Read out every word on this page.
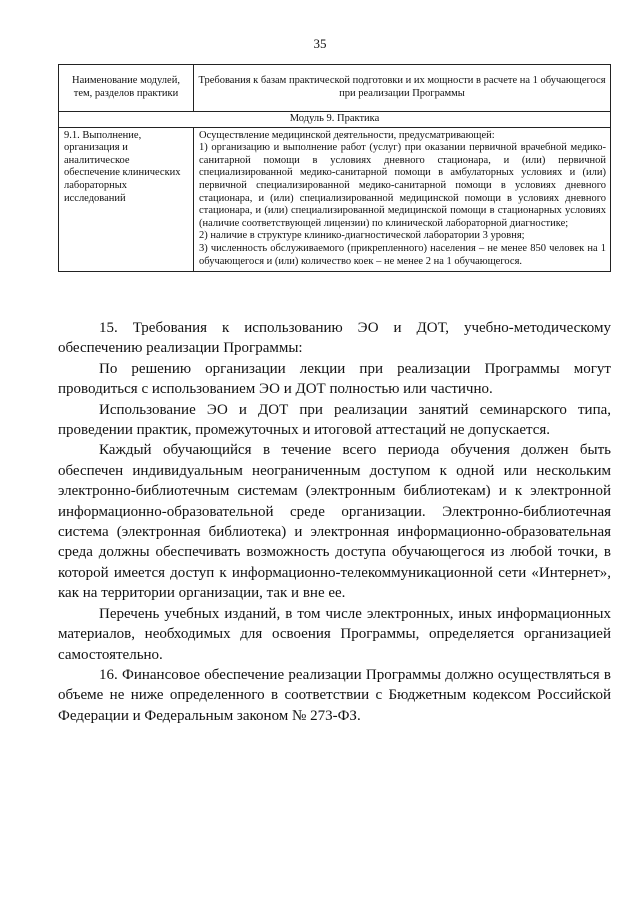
35
Наименование модулей, тем, разделов практики	Требования к базам практической подготовки и их мощности в расчете на 1 обучающегося при реализации Программы
Модуль 9. Практика	
9.1. Выполнение, организация и аналитическое обеспечение клинических лабораторных исследований	Осуществление медицинской деятельности, предусматривающей:

1) организацию и выполнение работ (услуг) при оказании первичной врачебной медико-санитарной помощи в условиях дневного стационара, и (или) первичной специализированной медико-санитарной помощи в амбулаторных условиях и (или) первичной специализированной медико-санитарной помощи в условиях дневного стационара, и (или) специализированной медицинской помощи в условиях дневного стационара, и (или) специализированной медицинской помощи в стационарных условиях (наличие соответствующей лицензии) по клинической лабораторной диагностике;

2) наличие в структуре клинико-диагностической лаборатории 3 уровня;

3) численность обслуживаемого (прикрепленного) населения – не менее 850 человек на 1 обучающегося и (или) количество коек – не менее 2 на 1 обучающегося.

15. Требования к использованию ЭО и ДОТ, учебно-методическому обеспечению реализации Программы:

По решению организации лекции при реализации Программы могут проводиться с использованием ЭО и ДОТ полностью или частично.

Использование ЭО и ДОТ при реализации занятий семинарского типа, проведении практик, промежуточных и итоговой аттестаций не допускается.

Каждый обучающийся в течение всего периода обучения должен быть обеспечен индивидуальным неограниченным доступом к одной или нескольким электронно-библиотечным системам (электронным библиотекам) и к электронной информационно-образовательной среде организации. Электронно-библиотечная система (электронная библиотека) и электронная информационно-образовательная среда должны обеспечивать возможность доступа обучающегося из любой точки, в которой имеется доступ к информационно-телекоммуникационной сети «Интернет», как на территории организации, так и вне ее.

Перечень учебных изданий, в том числе электронных, иных информационных материалов, необходимых для освоения Программы, определяется организацией самостоятельно.

16. Финансовое обеспечение реализации Программы должно осуществляться в объеме не ниже определенного в соответствии с Бюджетным кодексом Российской Федерации и Федеральным законом № 273-ФЗ.
